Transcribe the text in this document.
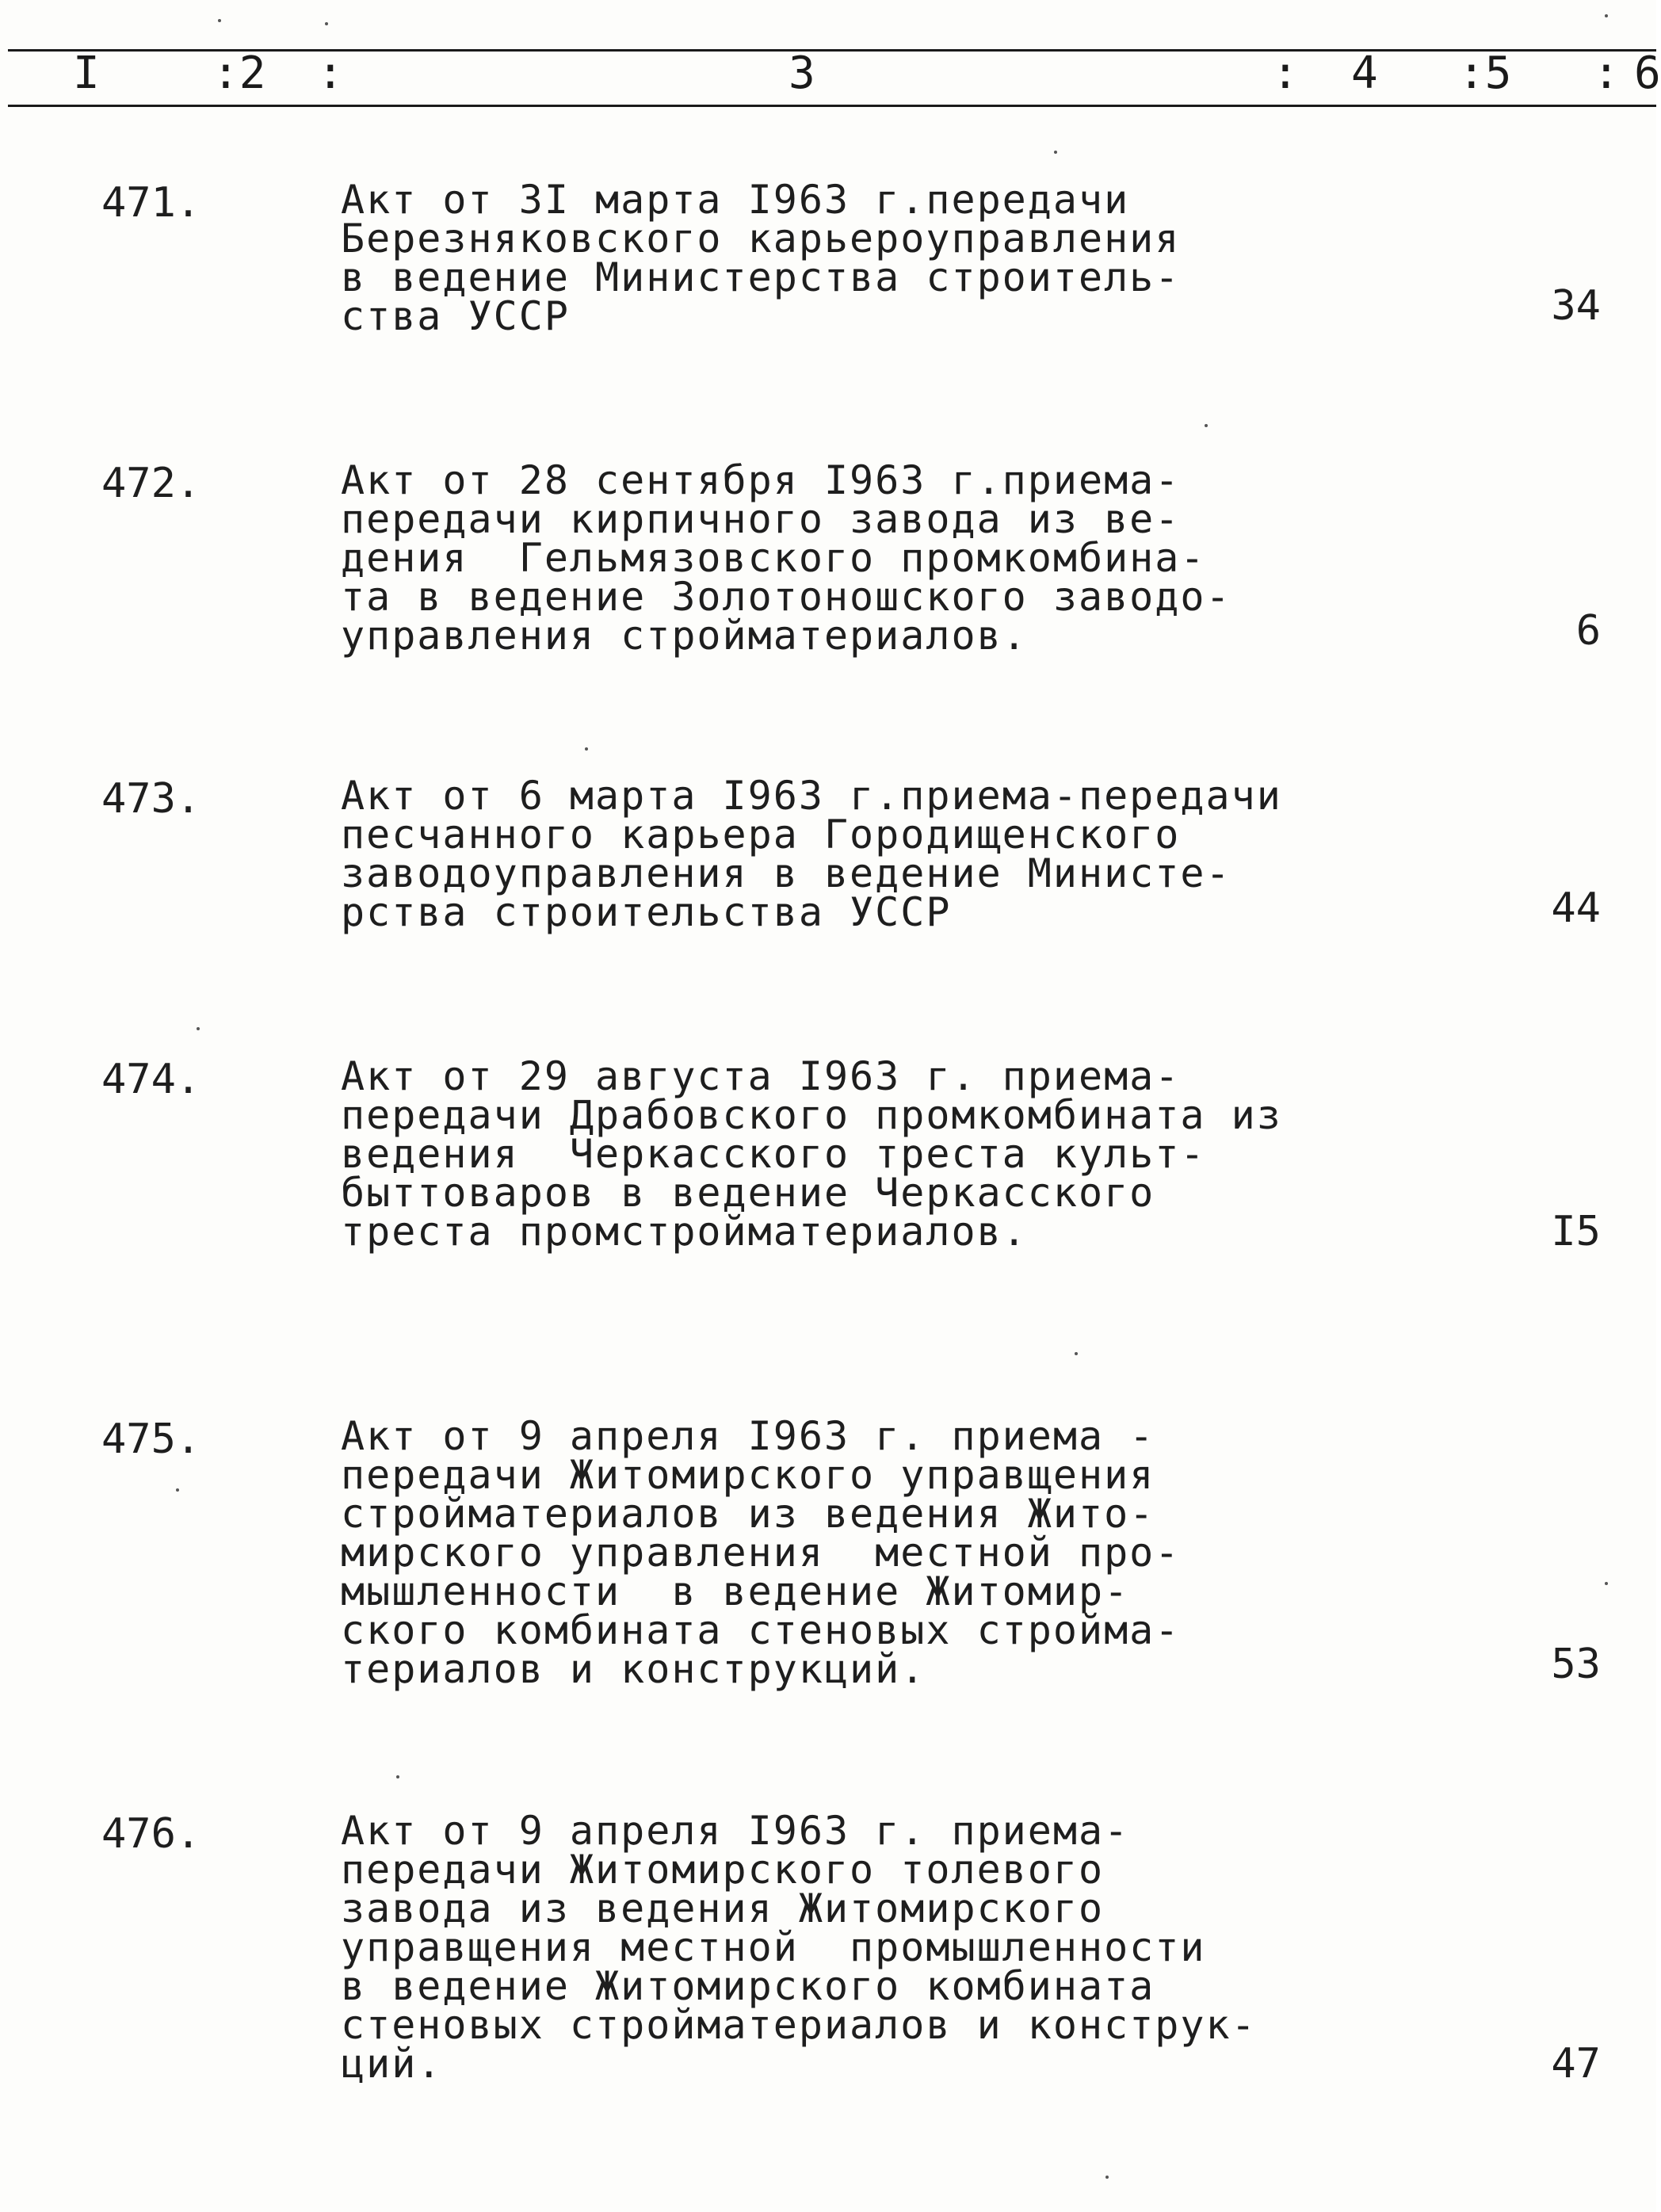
I	:2 :	3	: 4 :5 : 6
471.	Акт от 3I марта I963 г.передачи
Березняковского карьероуправления
в ведение Министерства строитель-
ства УССР	34
472.	Акт от 28 сентября I963 г.приема-
передачи кирпичного завода из ве-
дения  Гельмязовского промкомбина-
та в ведение Золотоношского заводо-
управления стройматериалов.	6
473.	Акт от 6 марта I963 г.приема-передачи
песчанного карьера Городищенского
заводоуправления в ведение Министе-
рства строительства УССР	44
474.	Акт от 29 августа I963 г. приема-
передачи Драбовского промкомбината из
ведения  Черкасского треста культ-
быттоваров в ведение Черкасского
треста промстройматериалов.	I5
475.	Акт от 9 апреля I963 г. приема -
передачи Житомирского управщения
стройматериалов из ведения Жито-
мирского управления  местной про-
мышленности  в ведение Житомир-
ского комбината стеновых стройма-
териалов и конструкций.	53
476.	Акт от 9 апреля I963 г. приема-
передачи Житомирского толевого
завода из ведения Житомирского
управщения местной  промышленности
в ведение Житомирского комбината
стеновых стройматериалов и конструк-
ций.	47
